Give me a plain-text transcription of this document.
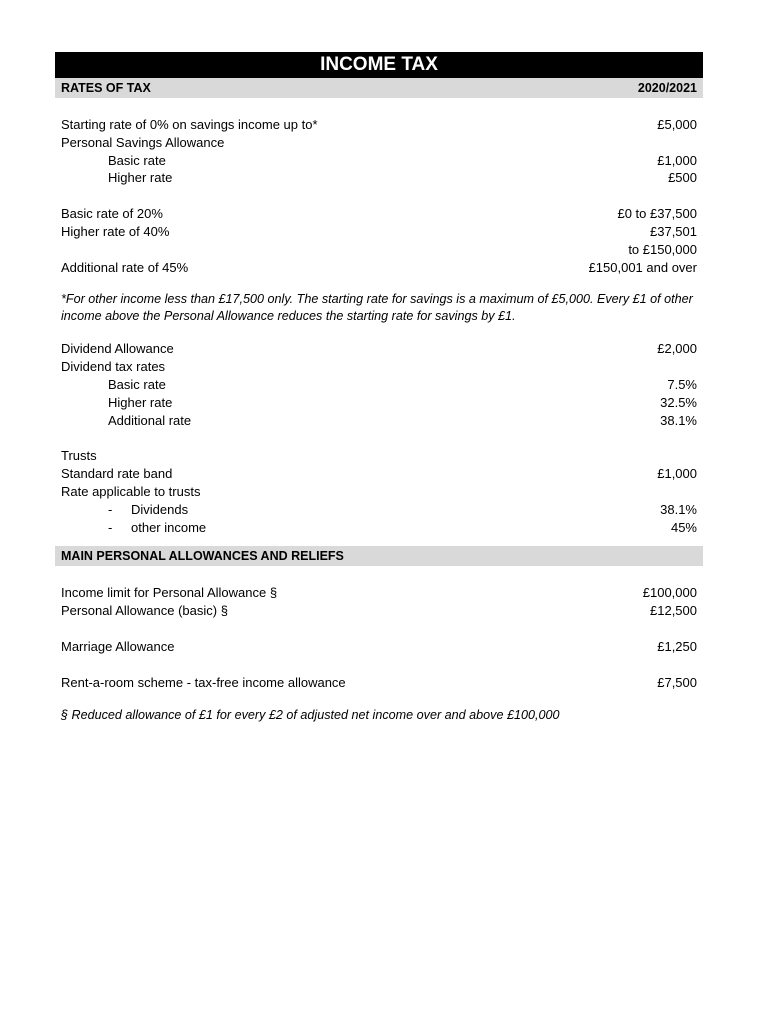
INCOME TAX
RATES OF TAX	2020/2021
Starting rate of 0% on savings income up to*	£5,000
Personal Savings Allowance
Basic rate	£1,000
Higher rate	£500
Basic rate of 20%	£0 to £37,500
Higher rate of 40%	£37,501
to £150,000
Additional rate of 45%	£150,001 and over
*For other income less than £17,500 only. The starting rate for savings is a maximum of £5,000. Every £1 of other income above the Personal Allowance reduces the starting rate for savings by £1.
Dividend Allowance	£2,000
Dividend tax rates
Basic rate	7.5%
Higher rate	32.5%
Additional rate	38.1%
Trusts
Standard rate band	£1,000
Rate applicable to trusts
- Dividends	38.1%
- other income	45%
MAIN PERSONAL ALLOWANCES AND RELIEFS
Income limit for Personal Allowance §	£100,000
Personal Allowance (basic) §	£12,500
Marriage Allowance	£1,250
Rent-a-room scheme - tax-free income allowance	£7,500
§ Reduced allowance of £1 for every £2 of adjusted net income over and above £100,000
